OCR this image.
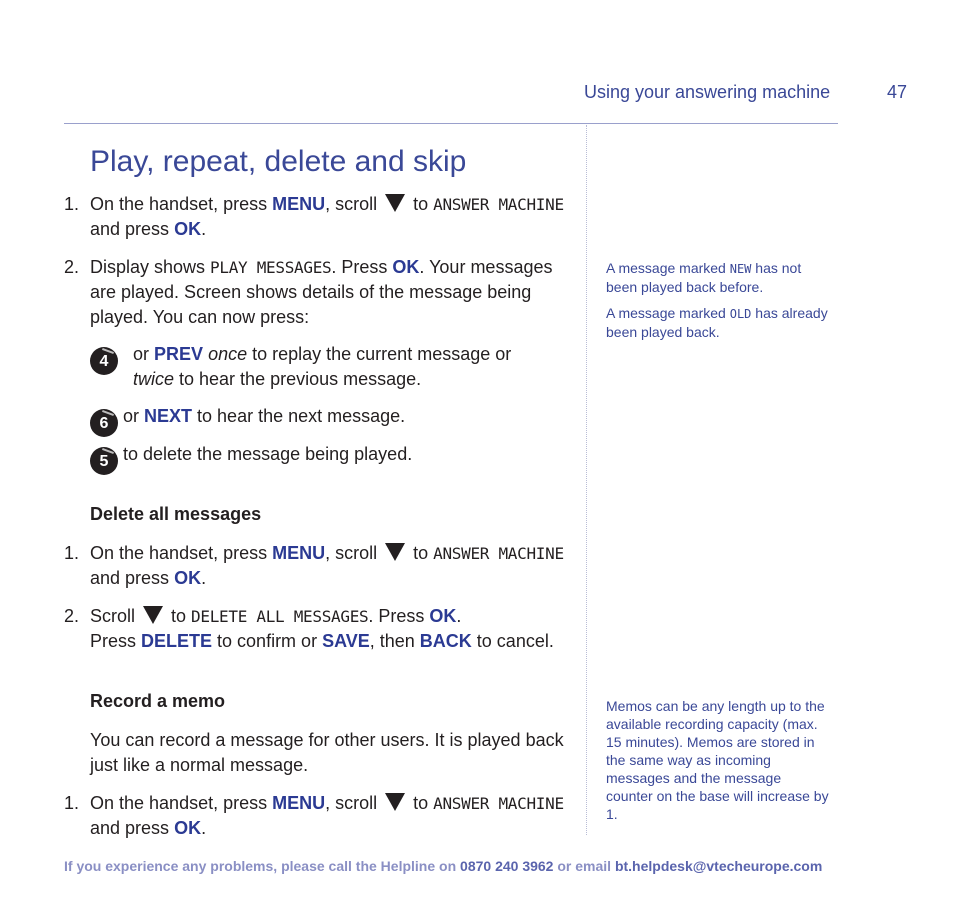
Using your answering machine	47
Play, repeat, delete and skip
1. On the handset, press MENU, scroll  to ANSWER MACHINE
and press OK.
2. Display shows PLAY MESSAGES. Press OK. Your messages are played. Screen shows details of the message being played. You can now press:
4 or PREV once to replay the current message or twice to hear the previous message.
6 or NEXT to hear the next message.
5 to delete the message being played.
Delete all messages
1. On the handset, press MENU, scroll  to ANSWER MACHINE
and press OK.
2. Scroll  to DELETE ALL MESSAGES. Press OK.
Press DELETE to confirm or SAVE, then BACK to cancel.
Record a memo
You can record a message for other users. It is played back just like a normal message.
1. On the handset, press MENU, scroll  to ANSWER MACHINE
and press OK.

A message marked NEW has not been played back before.

A message marked OLD has already been played back.

Memos can be any length up to the available recording capacity (max. 15 minutes). Memos are stored in the same way as incoming messages and the message counter on the base will increase by 1.

If you experience any problems, please call the Helpline on 0870 240 3962 or email bt.helpdesk@vtecheurope.com
